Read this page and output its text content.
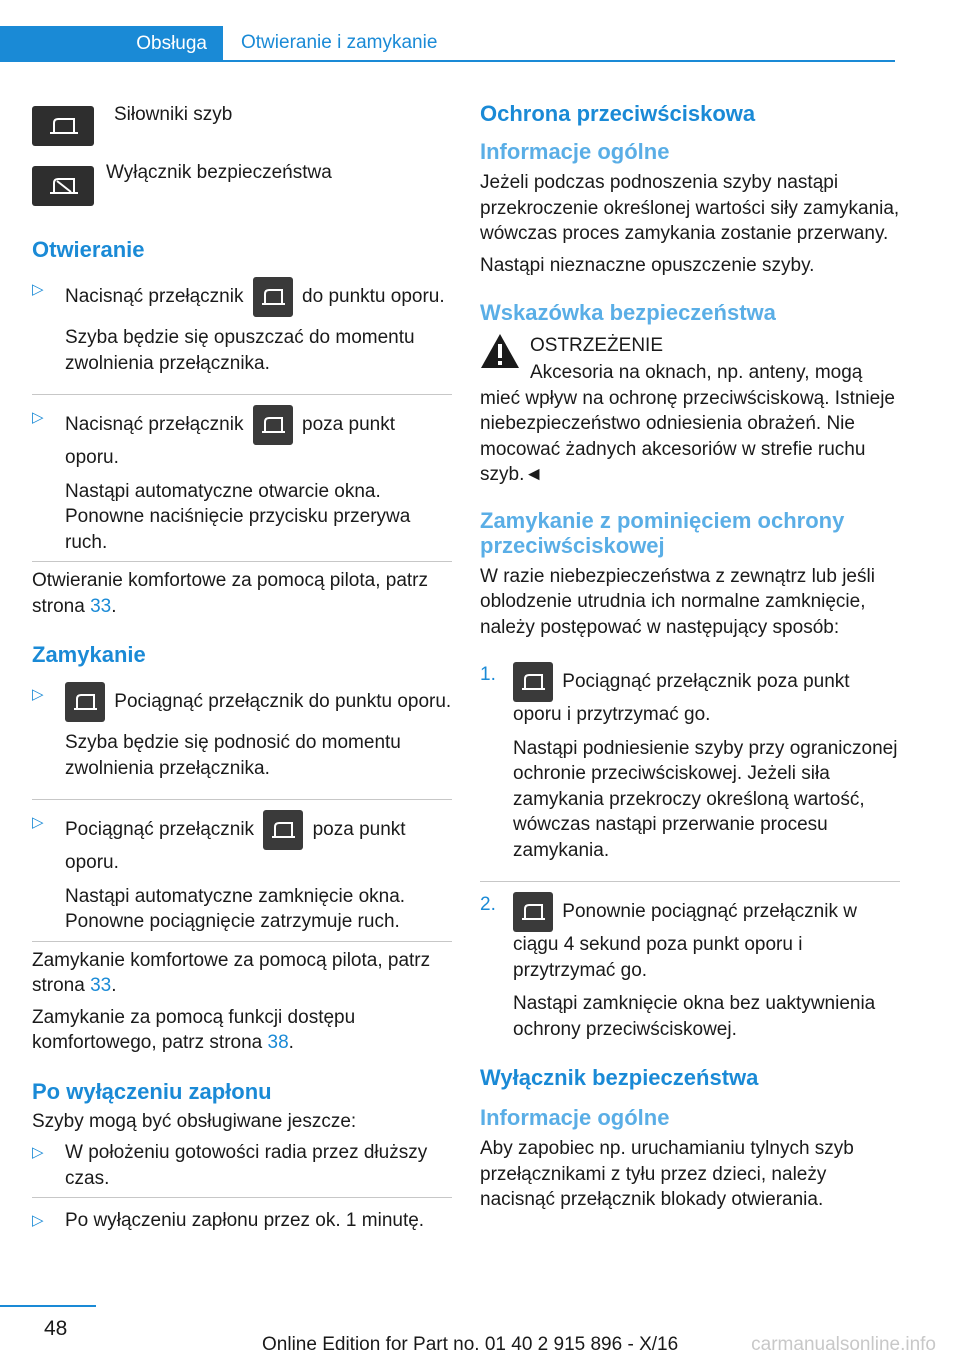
Obsługa	Otwieranie i zamykanie
Siłowniki szyb
Wyłącznik bezpieczeństwa
Otwieranie
▷	Nacisnąć przełącznik	do punktu oporu.

Szyba będzie się opuszczać do momentu zwolnienia przełącznika.

▷	Nacisnąć przełącznik	poza punkt oporu.

Nastąpi automatyczne otwarcie okna. Ponowne naciśnięcie przycisku przerywa ruch.

Otwieranie komfortowe za pomocą pilota, patrz strona 33.

Zamykanie
▷	Pociągnąć przełącznik do punktu oporu.

Szyba będzie się podnosić do momentu zwolnienia przełącznika.

▷	Pociągnąć przełącznik	poza punkt oporu.

Nastąpi automatyczne zamknięcie okna. Ponowne pociągnięcie zatrzymuje ruch.

Zamykanie komfortowe za pomocą pilota, patrz strona 33.

Zamykanie za pomocą funkcji dostępu komfortowego, patrz strona 38.

Po wyłączeniu zapłonu

Szyby mogą być obsługiwane jeszcze:

▷	W położeniu gotowości radia przez dłuższy czas.

▷	Po wyłączeniu zapłonu przez ok. 1 minutę.

Ochrona przeciwściskowa
Informacje ogólne

Jeżeli podczas podnoszenia szyby nastąpi przekroczenie określonej wartości siły zamykania, wówczas proces zamykania zostanie przerwany.

Nastąpi nieznaczne opuszczenie szyby.

Wskazówka bezpieczeństwa
OSTRZEŻENIE

Akcesoria na oknach, np. anteny, mogą mieć wpływ na ochronę przeciwściskową. Istnieje niebezpieczeństwo odniesienia obrażeń. Nie mocować żadnych akcesoriów w strefie ruchu szyb.◄

Zamykanie z pominięciem ochrony przeciwściskowej

W razie niebezpieczeństwa z zewnątrz lub jeśli oblodzenie utrudnia ich normalne zamknięcie, należy postępować w następujący sposób:

1.	Pociągnąć przełącznik poza punkt oporu i przytrzymać go.

Nastąpi podniesienie szyby przy ograniczonej ochronie przeciwściskowej. Jeżeli siła zamykania przekroczy określoną wartość, wówczas nastąpi przerwanie procesu zamykania.

2.	Ponownie pociągnąć przełącznik w ciągu 4 sekund poza punkt oporu i przytrzymać go.

Nastąpi zamknięcie okna bez uaktywnienia ochrony przeciwściskowej.

Wyłącznik bezpieczeństwa
Informacje ogólne

Aby zapobiec np. uruchamianiu tylnych szyb przełącznikami z tyłu przez dzieci, należy nacisnąć przełącznik blokady otwierania.

48
Online Edition for Part no. 01 40 2 915 896 - X/16	carmanualsonline.info
